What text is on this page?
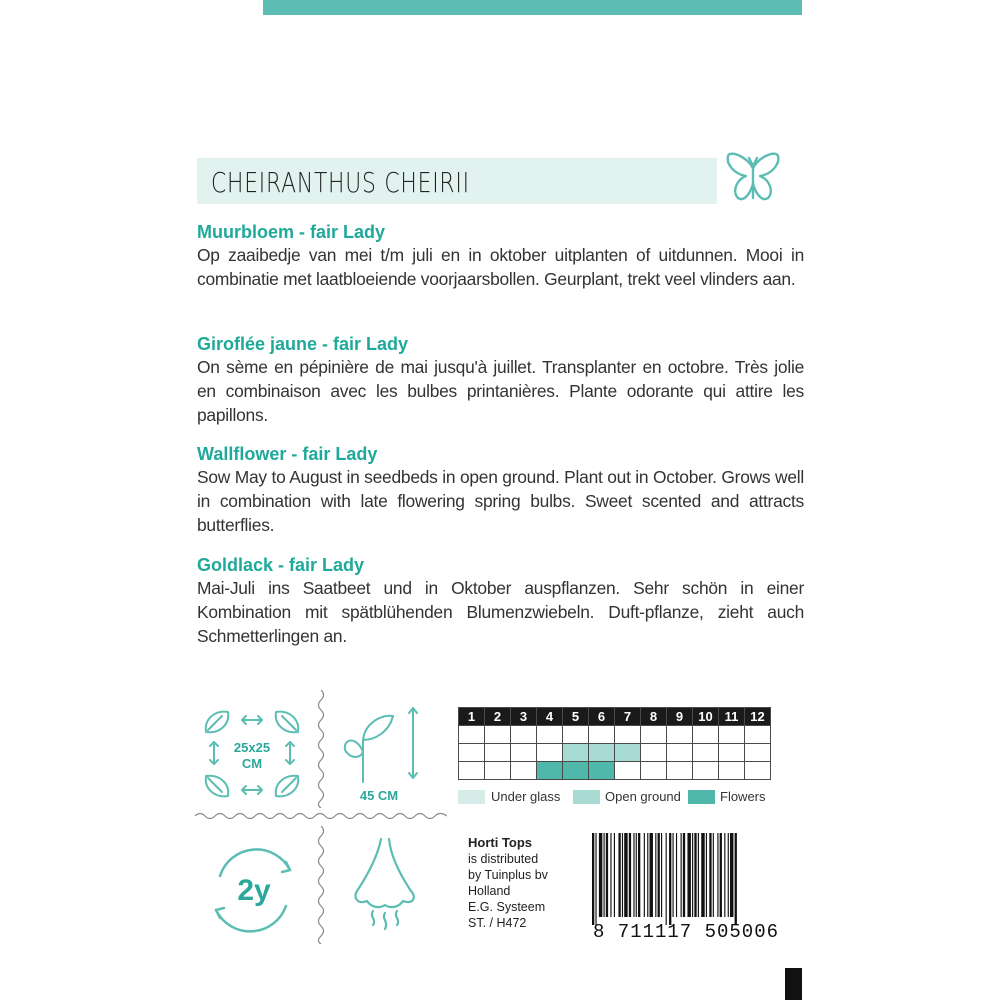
CHEIRANTHUS CHEIRII
Muurbloem - fair Lady

Op zaaibedje van mei t/m juli en in oktober uitplanten of uitdunnen. Mooi in combinatie met laatbloeiende voorjaarsbollen. Geurplant, trekt veel vlinders aan.

Giroflée jaune - fair Lady

On sème en pépinière de mai jusqu'à juillet. Transplanter en octobre. Très jolie en combinaison avec les bulbes printanières. Plante odorante qui attire les papillons.

Wallflower - fair Lady

Sow May to August in seedbeds in open ground. Plant out in October. Grows well in combination with late flowering spring bulbs. Sweet scented and attracts butterflies.

Goldlack - fair Lady

Mai-Juli ins Saatbeet und in Oktober auspflanzen. Sehr schön in einer Kombination mit spätblühenden Blumenzwiebeln. Duft-pflanze, zieht auch Schmetterlingen an.

25x25
CM
45 CM
1	2	3	4	5	6	7	8	9	10	11	12

Under glass	Open ground	Flowers
2y
Horti Tops
is distributed
by Tuinplus bv
Holland
E.G. Systeem
ST. / H472	8 711117 505006
